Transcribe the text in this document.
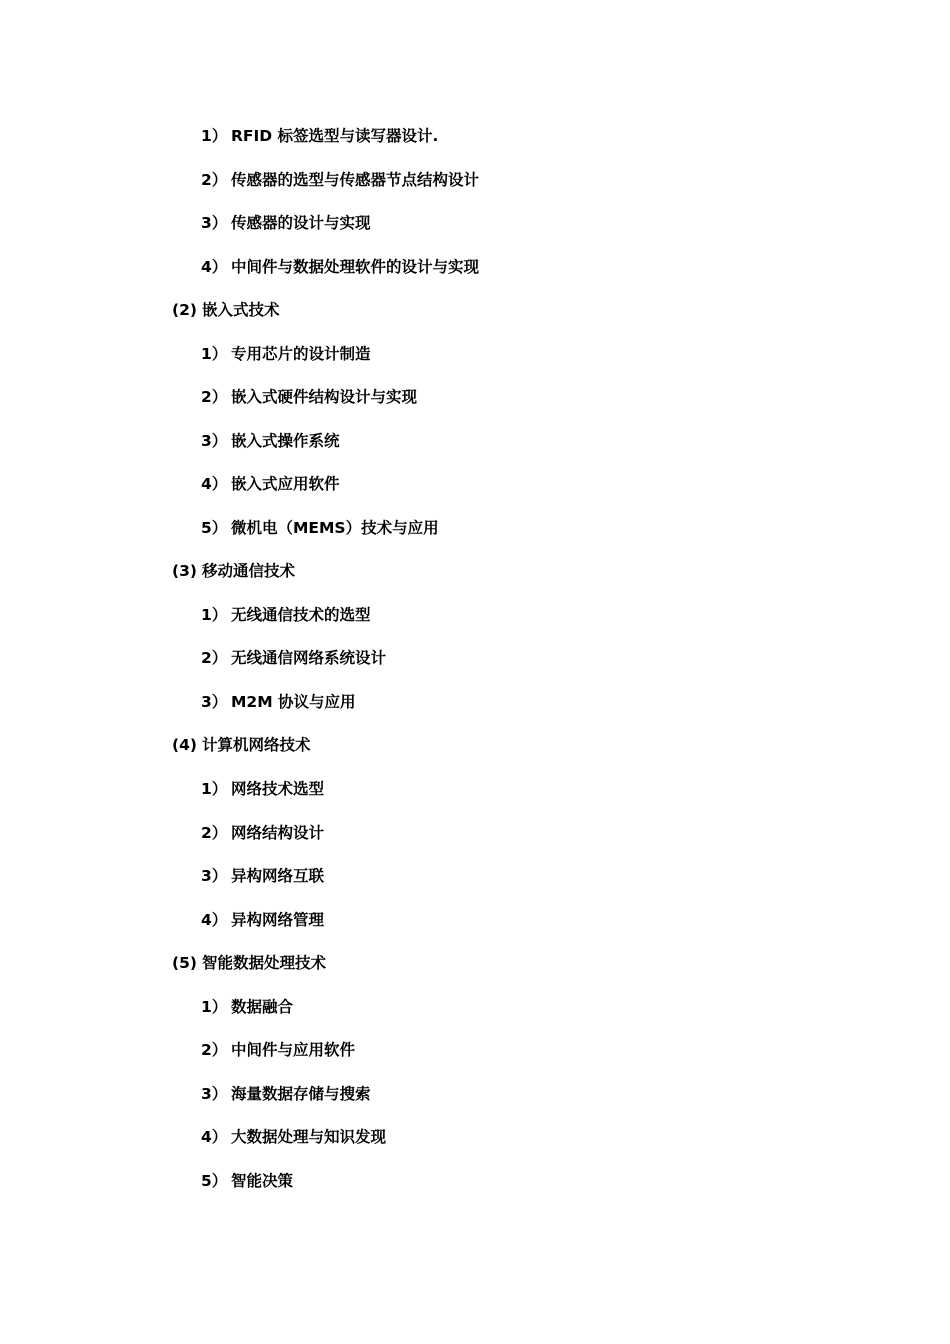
1） RFID 标签选型与读写器设计.
2） 传感器的选型与传感器节点结构设计
3） 传感器的设计与实现
4） 中间件与数据处理软件的设计与实现
(2) 嵌入式技术
1） 专用芯片的设计制造
2） 嵌入式硬件结构设计与实现
3） 嵌入式操作系统
4） 嵌入式应用软件
5） 微机电（MEMS）技术与应用
(3) 移动通信技术
1） 无线通信技术的选型
2） 无线通信网络系统设计
3） M2M 协议与应用
(4) 计算机网络技术
1） 网络技术选型
2） 网络结构设计
3） 异构网络互联
4） 异构网络管理
(5) 智能数据处理技术
1） 数据融合
2） 中间件与应用软件
3） 海量数据存储与搜索
4） 大数据处理与知识发现
5） 智能决策
